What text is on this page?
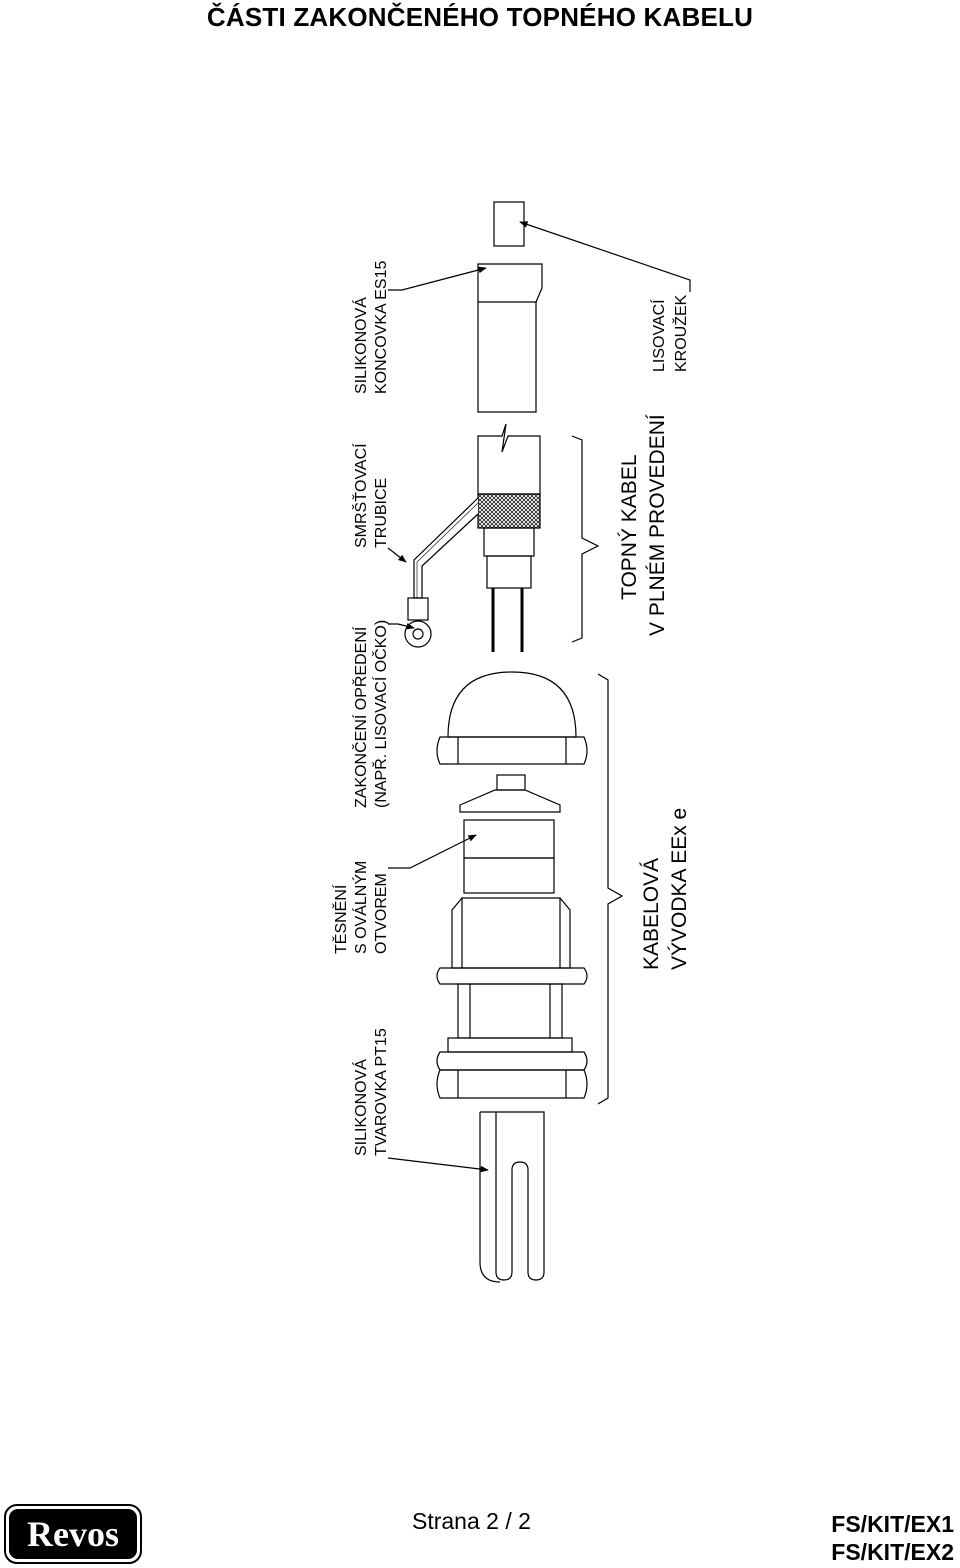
ČÁSTI ZAKONČENÉHO TOPNÉHO KABELU
SILIKONOVÁ TVAROVKA PT15
TĚSNĚNÍ S OVÁLNÝM OTVOREM
ZAKONČENÍ OPŘEDENÍ (NAPŘ. LISOVACÍ OČKO)
SMRŠŤOVACÍ TRUBICE
SILIKONOVÁ KONCOVKA ES15	LISOVACÍ KROUŽEK
TOPNÝ KABEL V PLNÉM PROVEDENÍ
KABELOVÁ VÝVODKA EEx e
Revos	Strana 2 / 2	FS/KIT/EX1
FS/KIT/EX2
